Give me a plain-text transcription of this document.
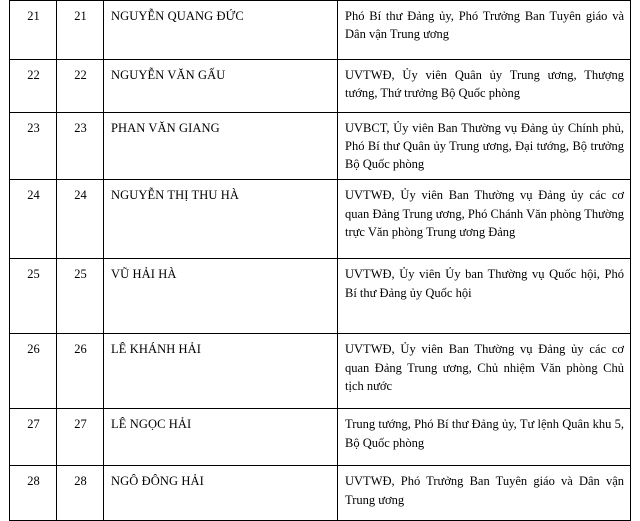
21	21	NGUYỄN QUANG ĐỨC	Phó Bí thư Đảng ủy, Phó Trưởng Ban Tuyên giáo và Dân vận Trung ương
22	22	NGUYỄN VĂN GẤU	UVTWĐ, Ủy viên Quân ủy Trung ương, Thượng tướng, Thứ trưởng Bộ Quốc phòng
23	23	PHAN VĂN GIANG	UVBCT, Ủy viên Ban Thường vụ Đảng ủy Chính phủ, Phó Bí thư Quân ủy Trung ương, Đại tướng, Bộ trưởng Bộ Quốc phòng
24	24	NGUYỄN THỊ THU HÀ	UVTWĐ, Ủy viên Ban Thường vụ Đảng ủy các cơ quan Đảng Trung ương, Phó Chánh Văn phòng Thường trực Văn phòng Trung ương Đảng
25	25	VŨ HẢI HÀ	UVTWĐ, Ủy viên Ủy ban Thường vụ Quốc hội, Phó Bí thư Đảng ủy Quốc hội
26	26	LÊ KHÁNH HẢI	UVTWĐ, Ủy viên Ban Thường vụ Đảng ủy các cơ quan Đảng Trung ương, Chủ nhiệm Văn phòng Chủ tịch nước
27	27	LÊ NGỌC HẢI	Trung tướng, Phó Bí thư Đảng ủy, Tư lệnh Quân khu 5, Bộ Quốc phòng
28	28	NGÔ ĐÔNG HẢI	UVTWĐ, Phó Trưởng Ban Tuyên giáo và Dân vận Trung ương
